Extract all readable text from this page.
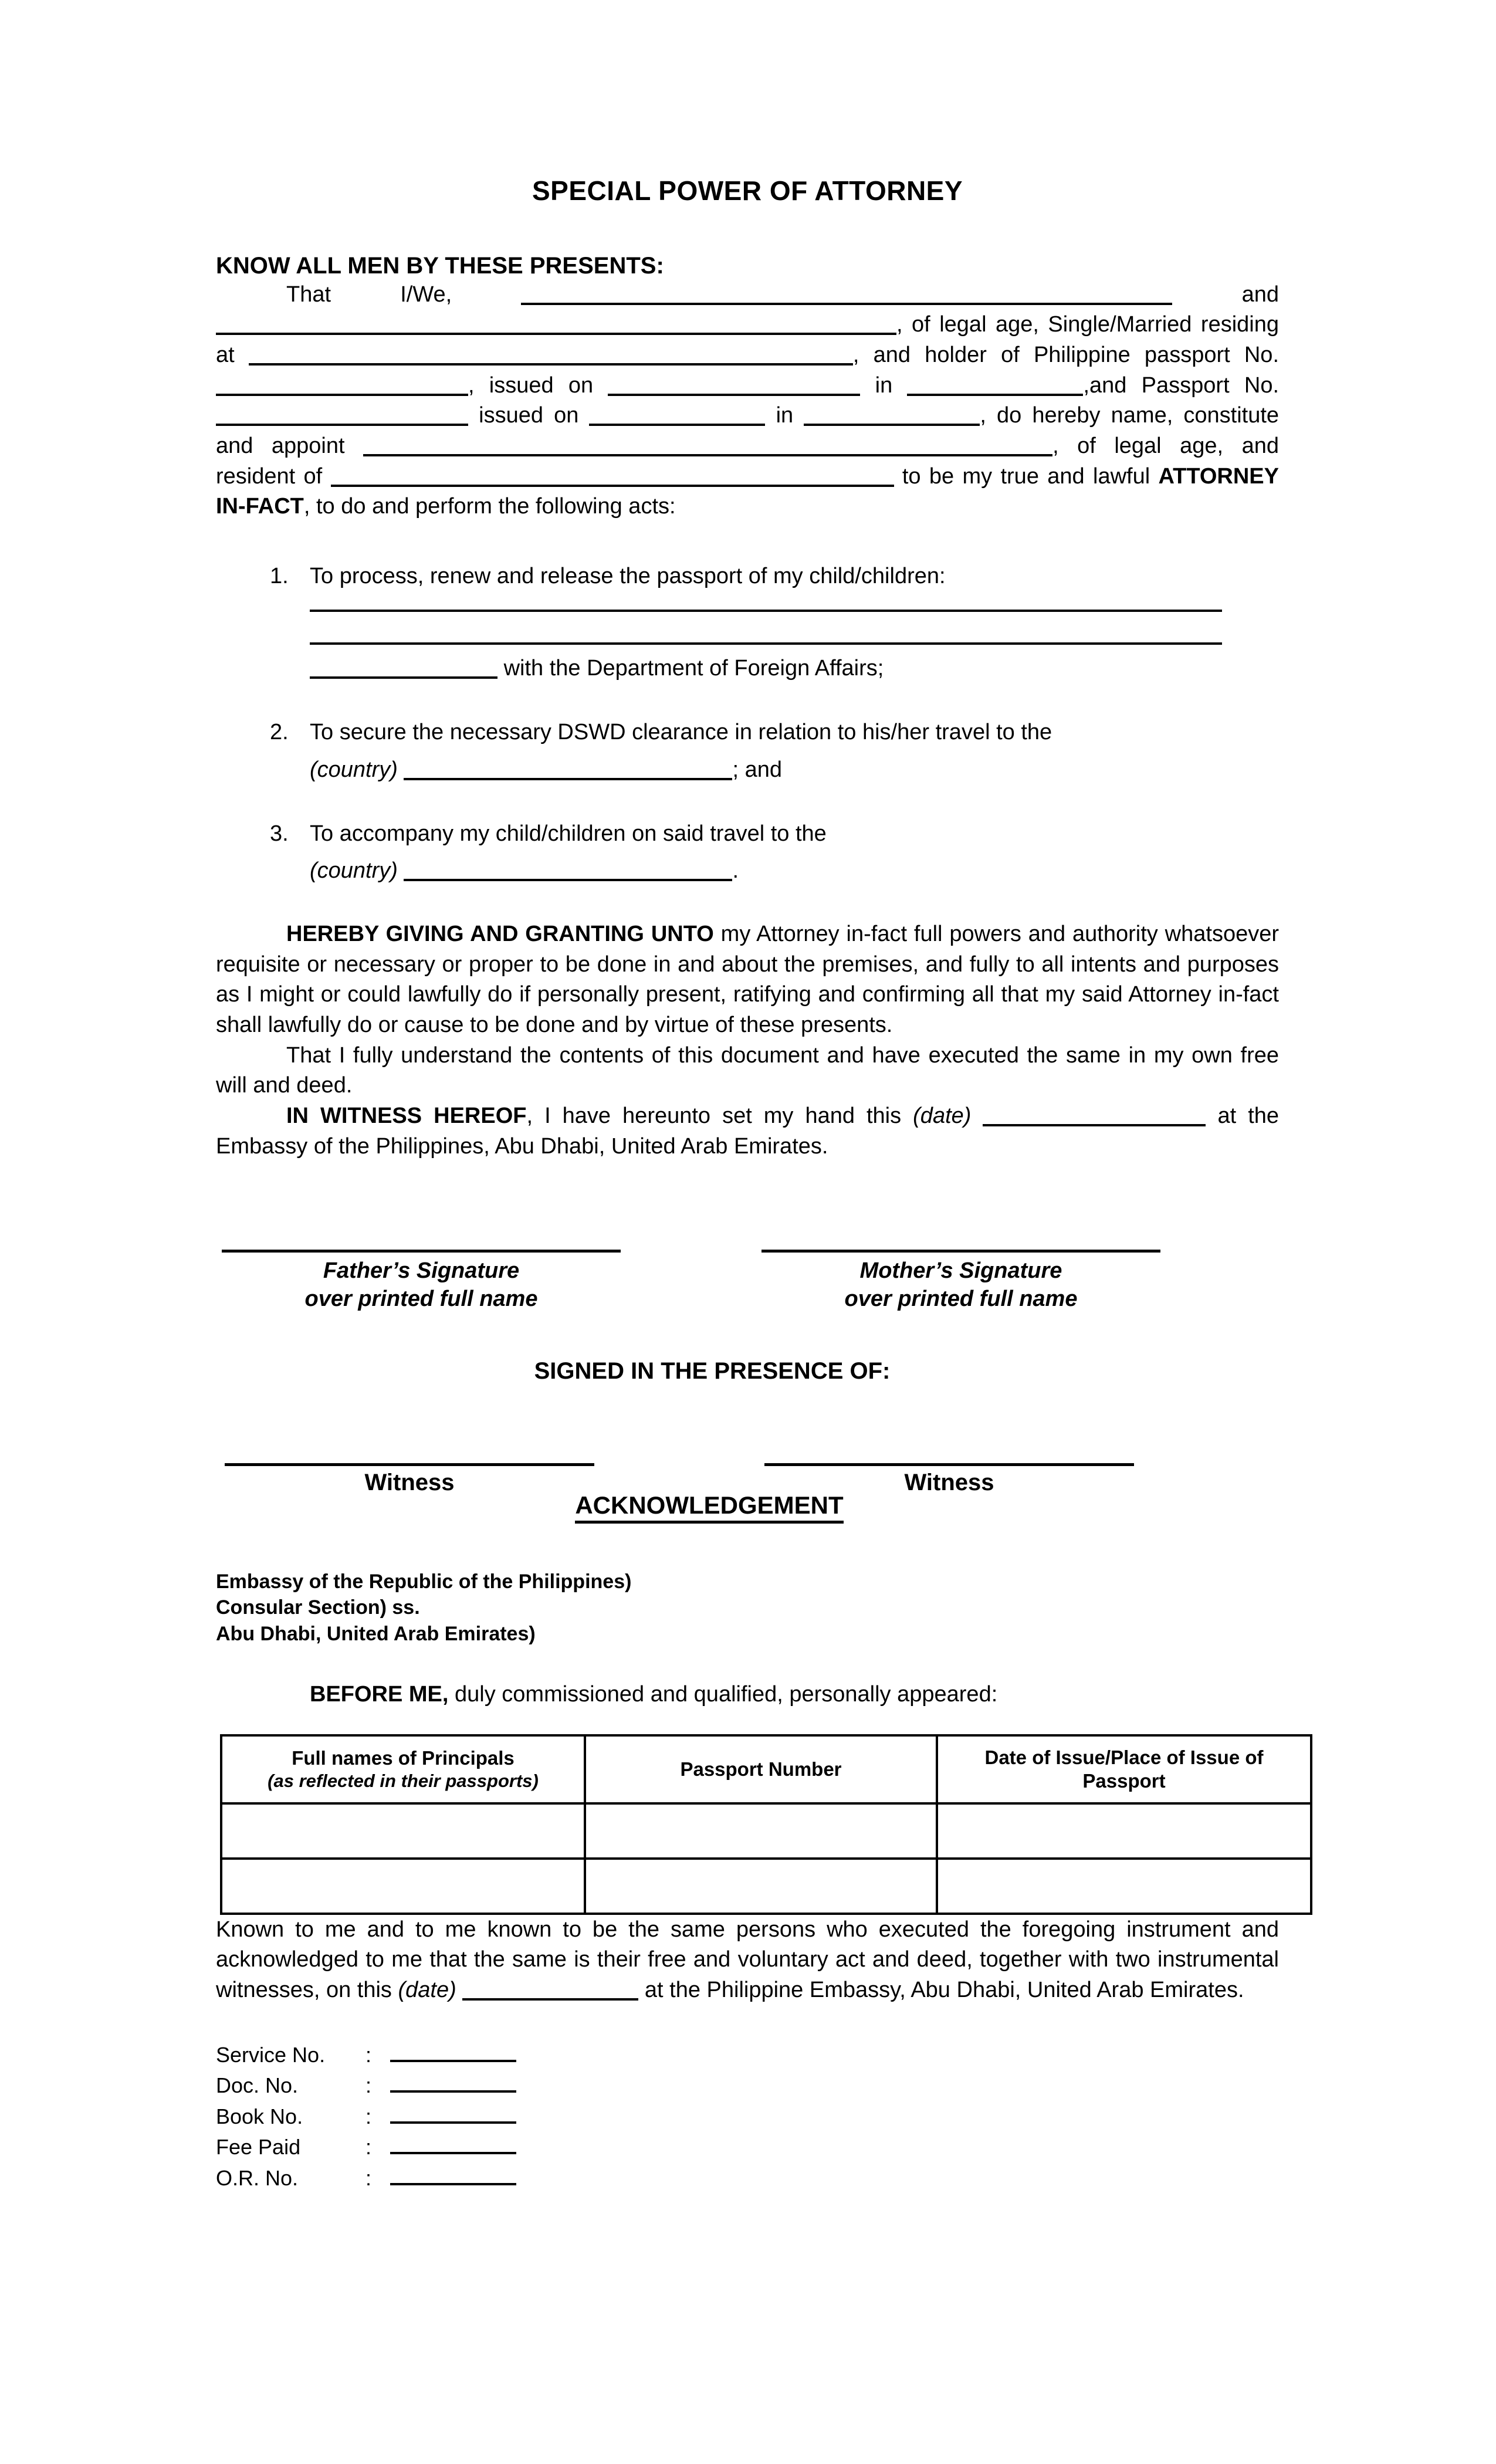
SPECIAL POWER OF ATTORNEY
KNOW ALL MEN BY THESE PRESENTS:

That I/We,	and , of legal age, Single/Married residing at	, and holder of Philippine passport No. , issued on	in	,and Passport No.  issued on	in	, do hereby name, constitute and appoint	, of legal age, and resident of	to be my true and lawful ATTORNEY IN-FACT, to do and perform the following acts:

1. To process, renew and release the passport of my child/children:
with the Department of Foreign Affairs;
2. To secure the necessary DSWD clearance in relation to his/her travel to the
(country)	; and
3. To accompany my child/children on said travel to the
(country)	.

HEREBY GIVING AND GRANTING UNTO my Attorney in-fact full powers and authority whatsoever requisite or necessary or proper to be done in and about the premises, and fully to all intents and purposes as I might or could lawfully do if personally present, ratifying and confirming all that my said Attorney in-fact shall lawfully do or cause to be done and by virtue of these presents.

That I fully understand the contents of this document and have executed the same in my own free will and deed.

IN WITNESS HEREOF, I have hereunto set my hand this (date)	at the Embassy of the Philippines, Abu Dhabi, United Arab Emirates.

Father’s Signature
over printed full name
Mother’s Signature
over printed full name
SIGNED IN THE PRESENCE OF:
Witness	Witness
ACKNOWLEDGEMENT
Embassy of the Republic of the Philippines)
Consular Section) ss.
Abu Dhabi, United Arab Emirates)
BEFORE ME, duly commissioned and qualified, personally appeared:
Full names of Principals
(as reflected in their passports)	Passport Number	Date of Issue/Place of Issue of Passport

Known to me and to me known to be the same persons who executed the foregoing instrument and acknowledged to me that the same is their free and voluntary act and deed, together with two instrumental witnesses, on this (date)	at the Philippine Embassy, Abu Dhabi, United Arab Emirates.

Service No.	:
Doc. No.	:
Book No.	:
Fee Paid	:
O.R. No.	:
